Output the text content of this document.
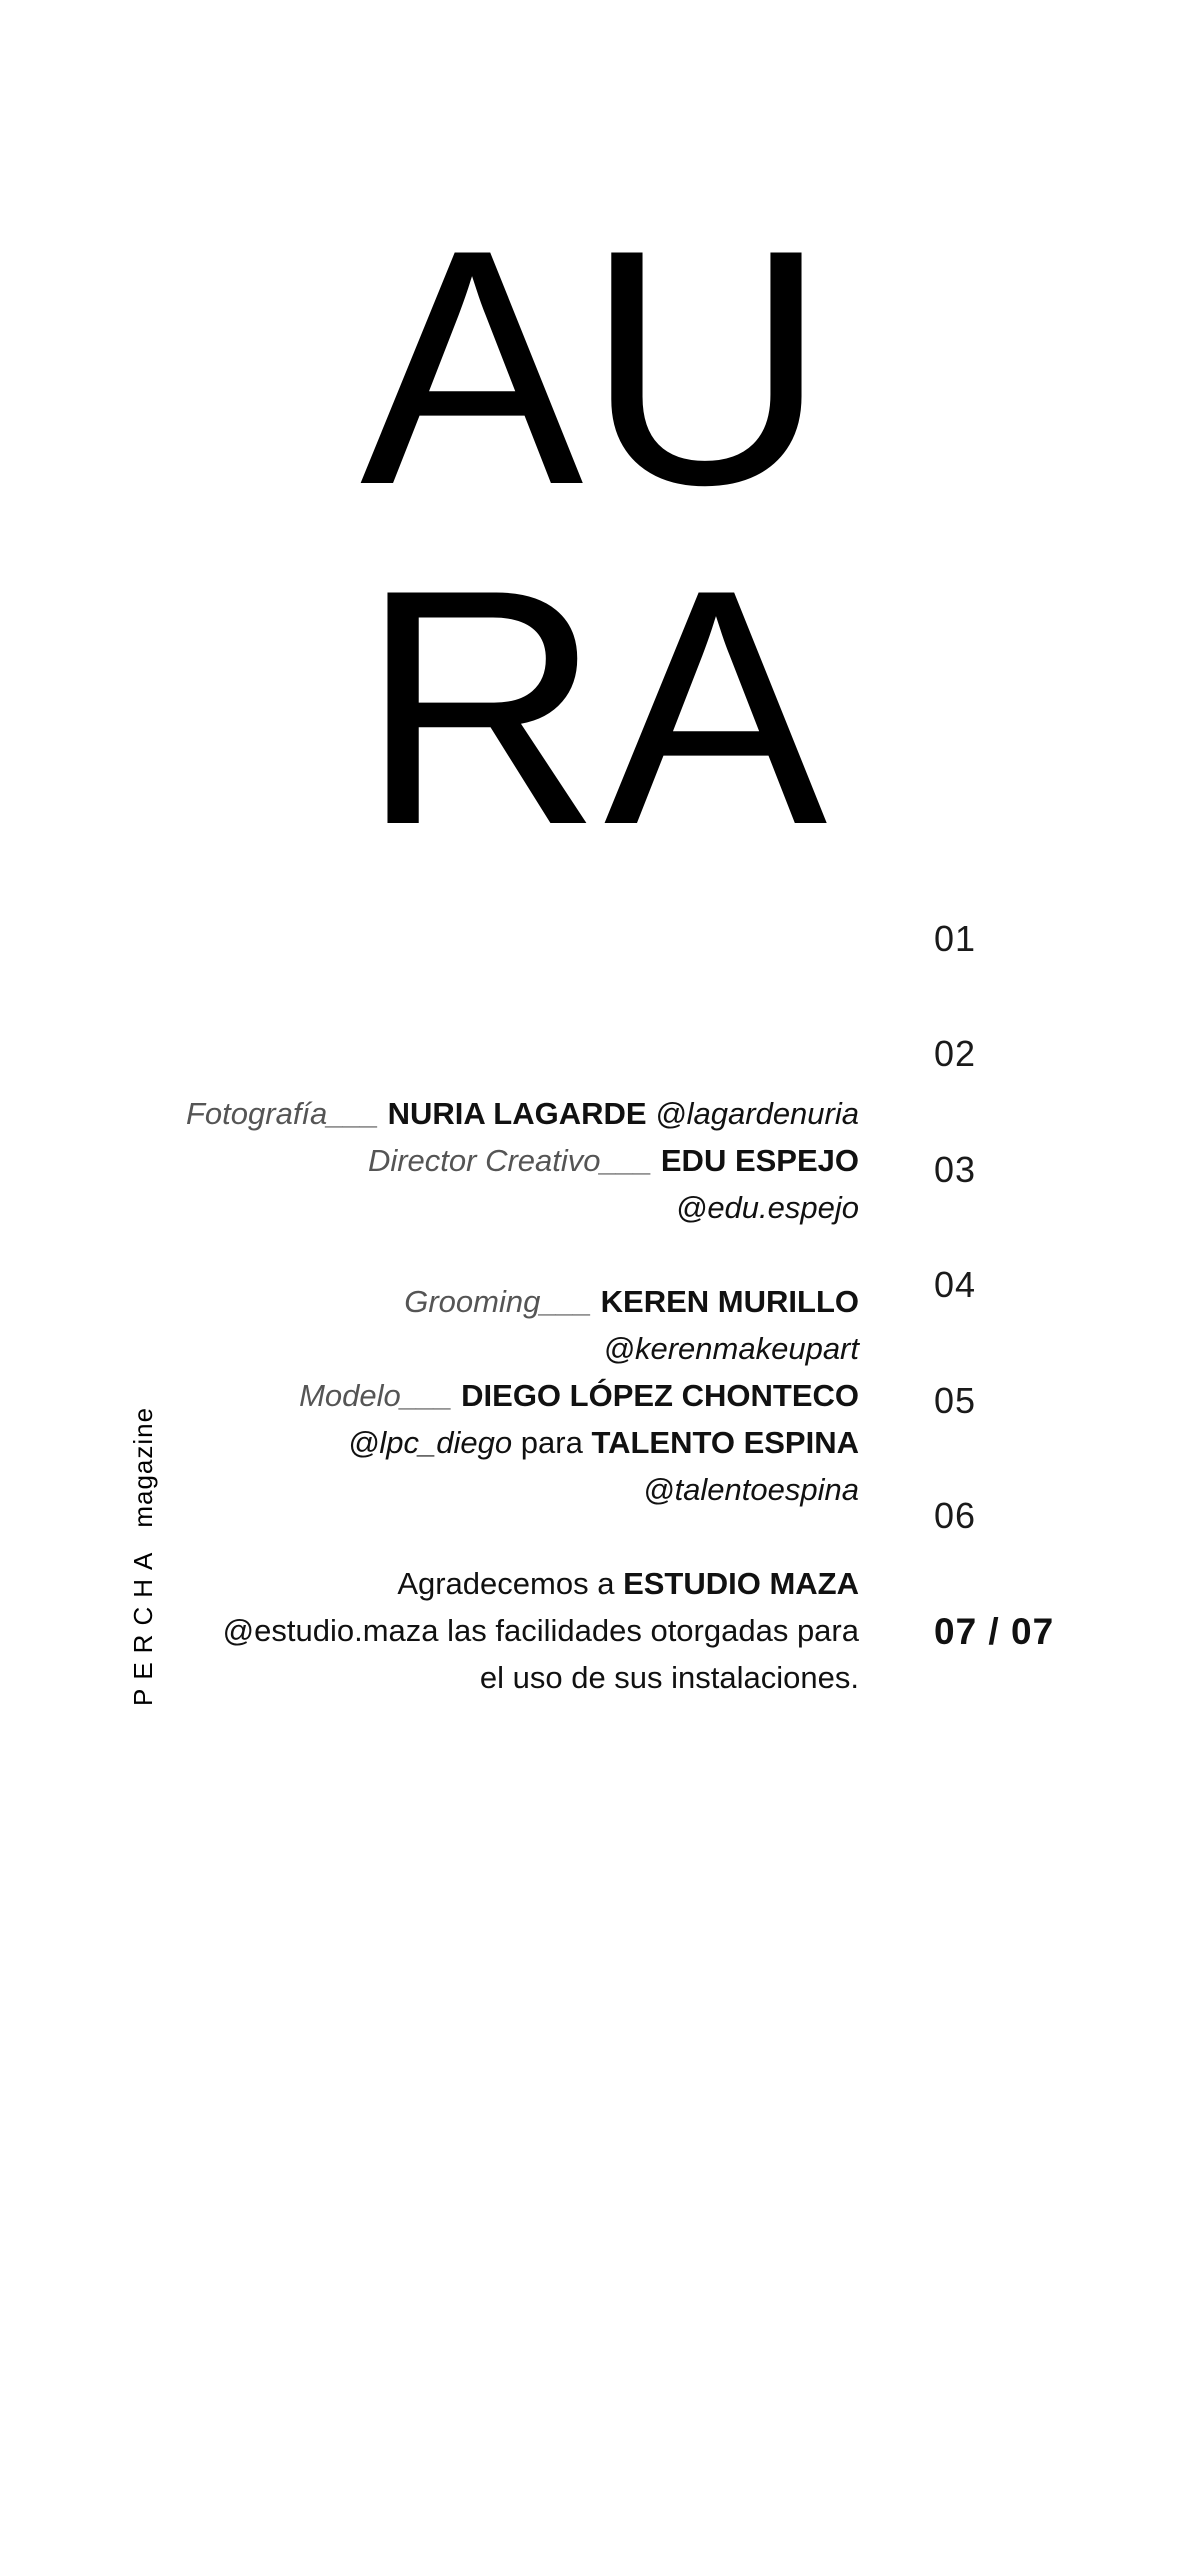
AU
RA
01
02
03
04
05
06
07 / 07
Fotografía___ NURIA LAGARDE @lagardenuria
Director Creativo___ EDU ESPEJO
@edu.espejo
Grooming___ KEREN MURILLO
@kerenmakeupart
Modelo___ DIEGO LÓPEZ CHONTECO
@lpc_diego para TALENTO ESPINA
@talentoespina
Agradecemos a ESTUDIO MAZA
@estudio.maza las facilidades otorgadas para
el uso de sus instalaciones.
PERCHAmagazine
